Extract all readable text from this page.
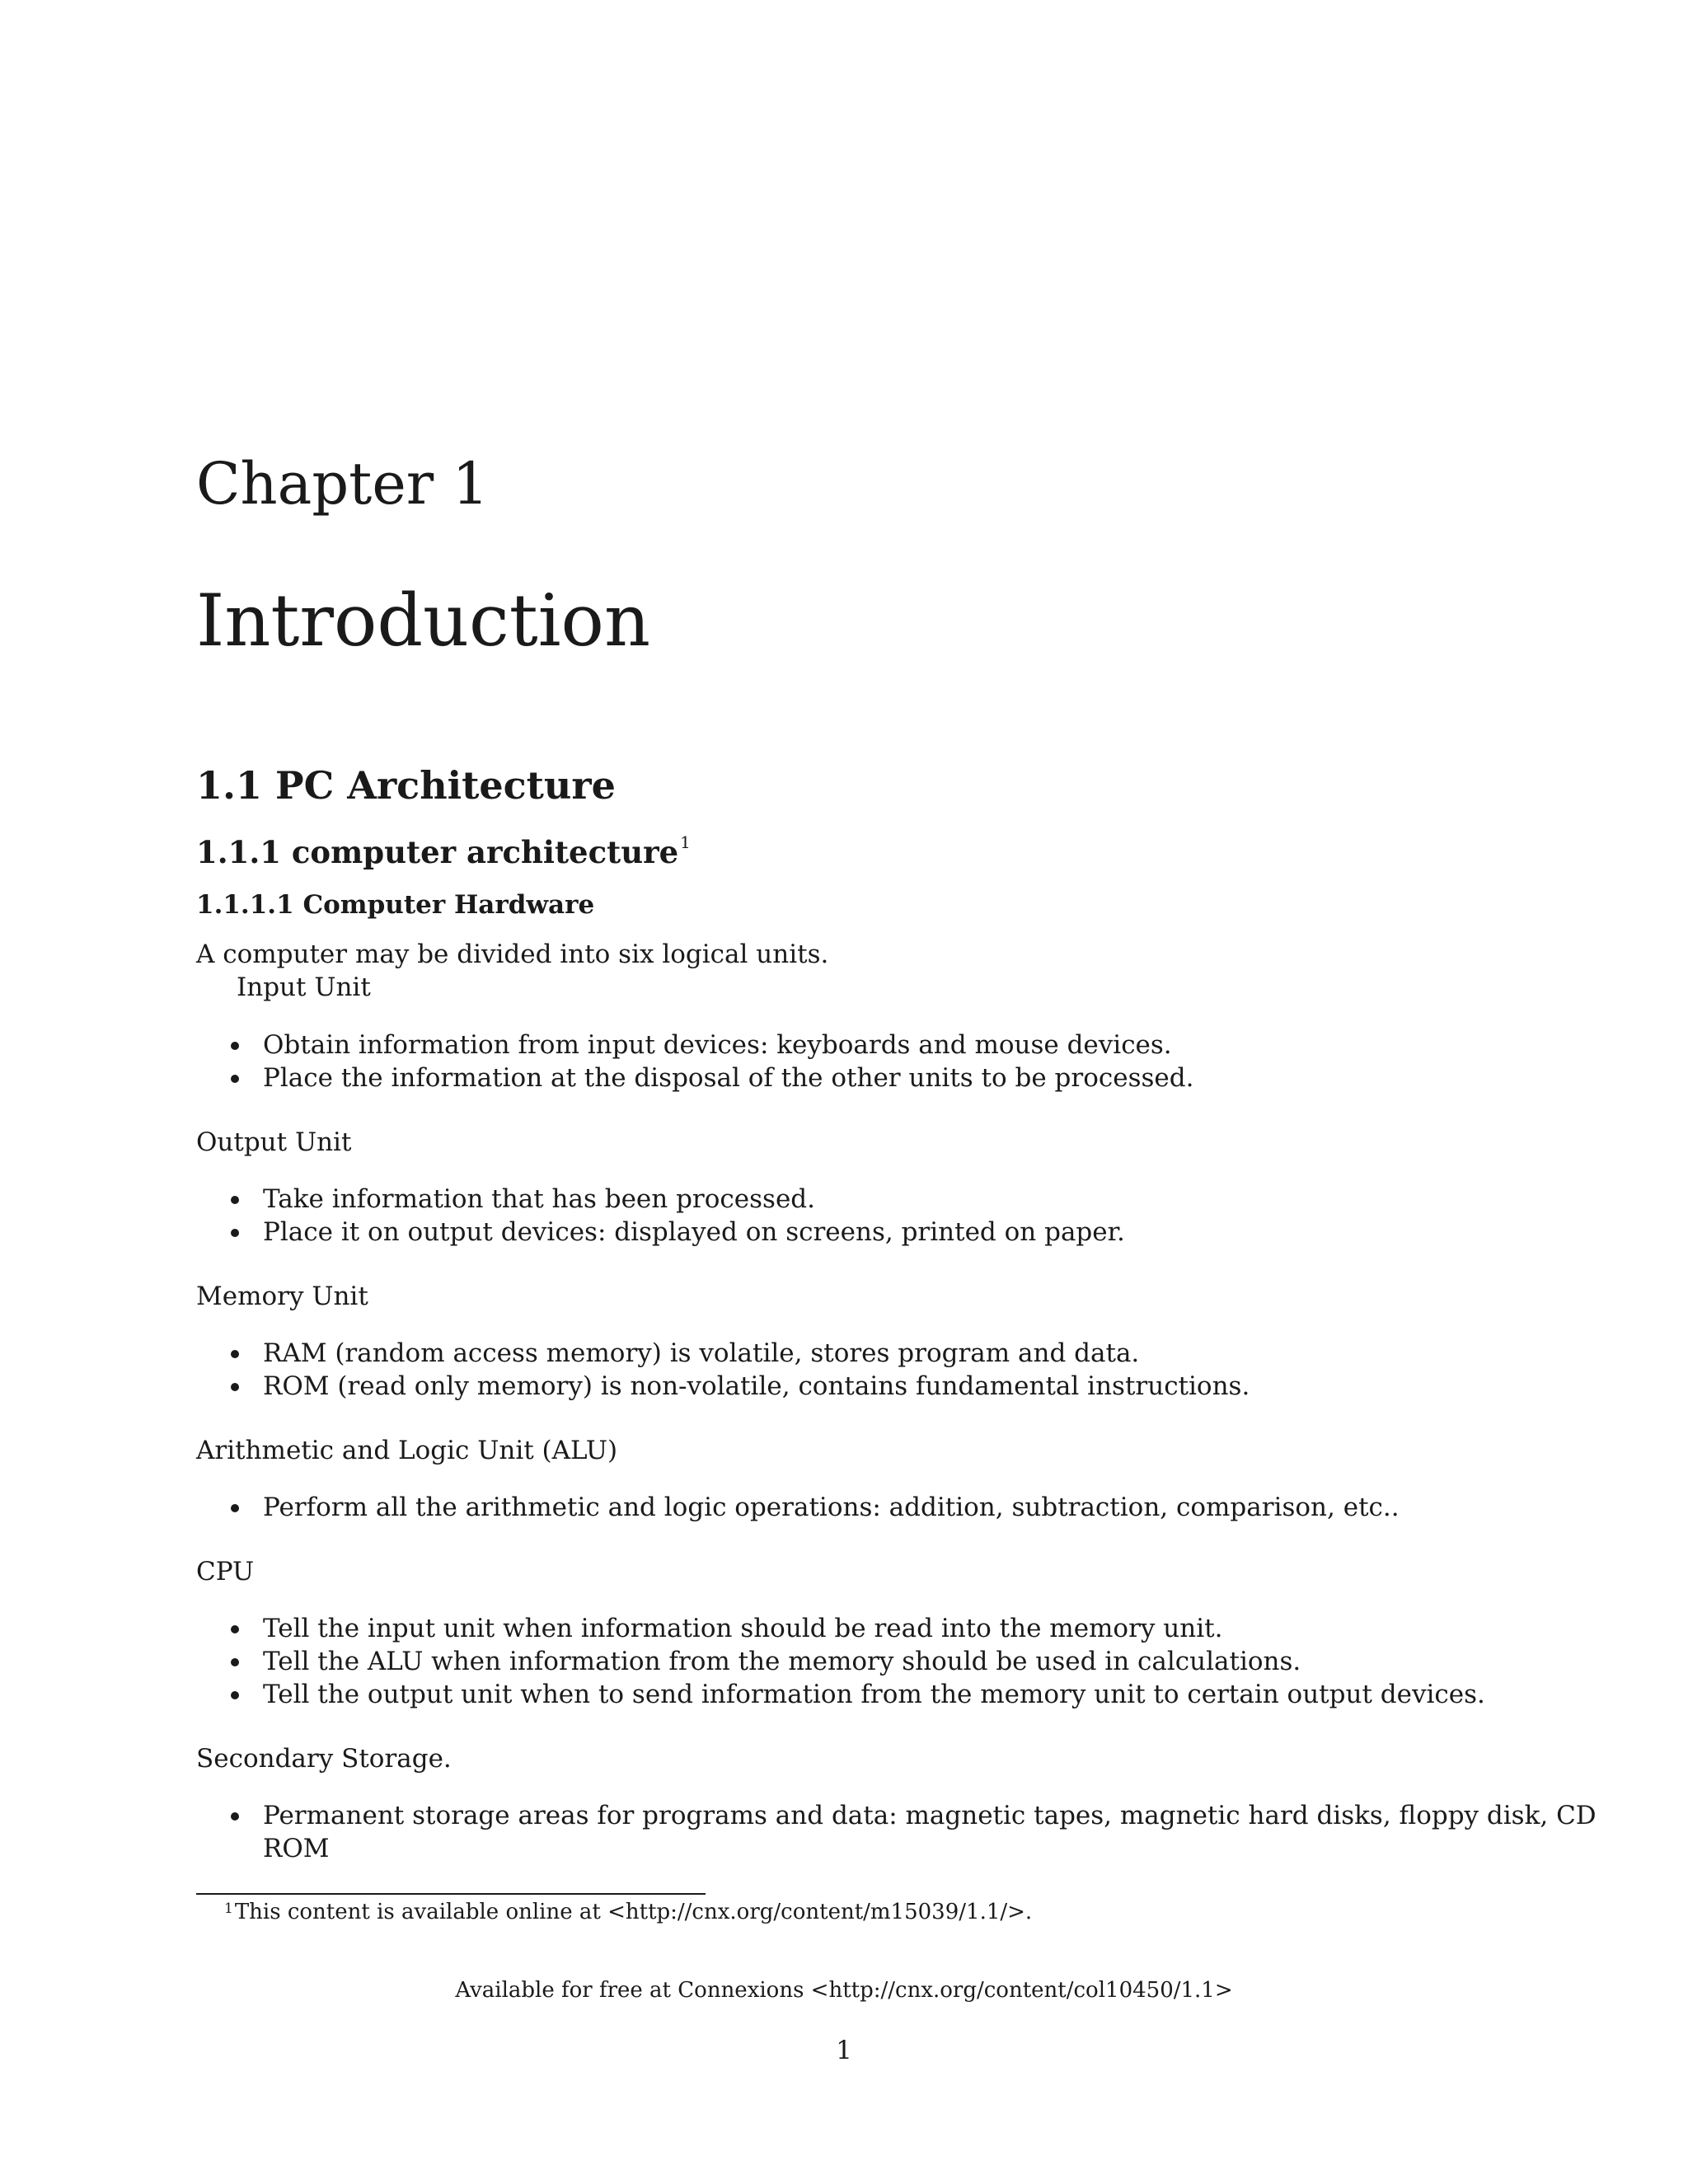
Chapter 1
Introduction
1.1 PC Architecture
1.1.1 computer architecture $^1$
1.1.1.1 Computer Hardware

A computer may be divided into six logical units.

Input Unit

Obtain information from input devices: keyboards and mouse devices.
Place the information at the disposal of the other units to be processed.

Output Unit

Take information that has been processed.
Place it on output devices: displayed on screens, printed on paper.

Memory Unit

RAM (random access memory) is volatile, stores program and data.
ROM (read only memory) is non-volatile, contains fundamental instructions.

Arithmetic and Logic Unit (ALU)

Perform all the arithmetic and logic operations: addition, subtraction, comparison, etc..

CPU

Tell the input unit when information should be read into the memory unit.
Tell the ALU when information from the memory should be used in calculations.
Tell the output unit when to send information from the memory unit to certain output devices.

Secondary Storage.

Permanent storage areas for programs and data: magnetic tapes, magnetic hard disks, floppy disk, CD
ROM
$^1$This content is available online at <http://cnx.org/content/m15039/1.1/>.
Available for free at Connexions <http://cnx.org/content/col10450/1.1>
1
